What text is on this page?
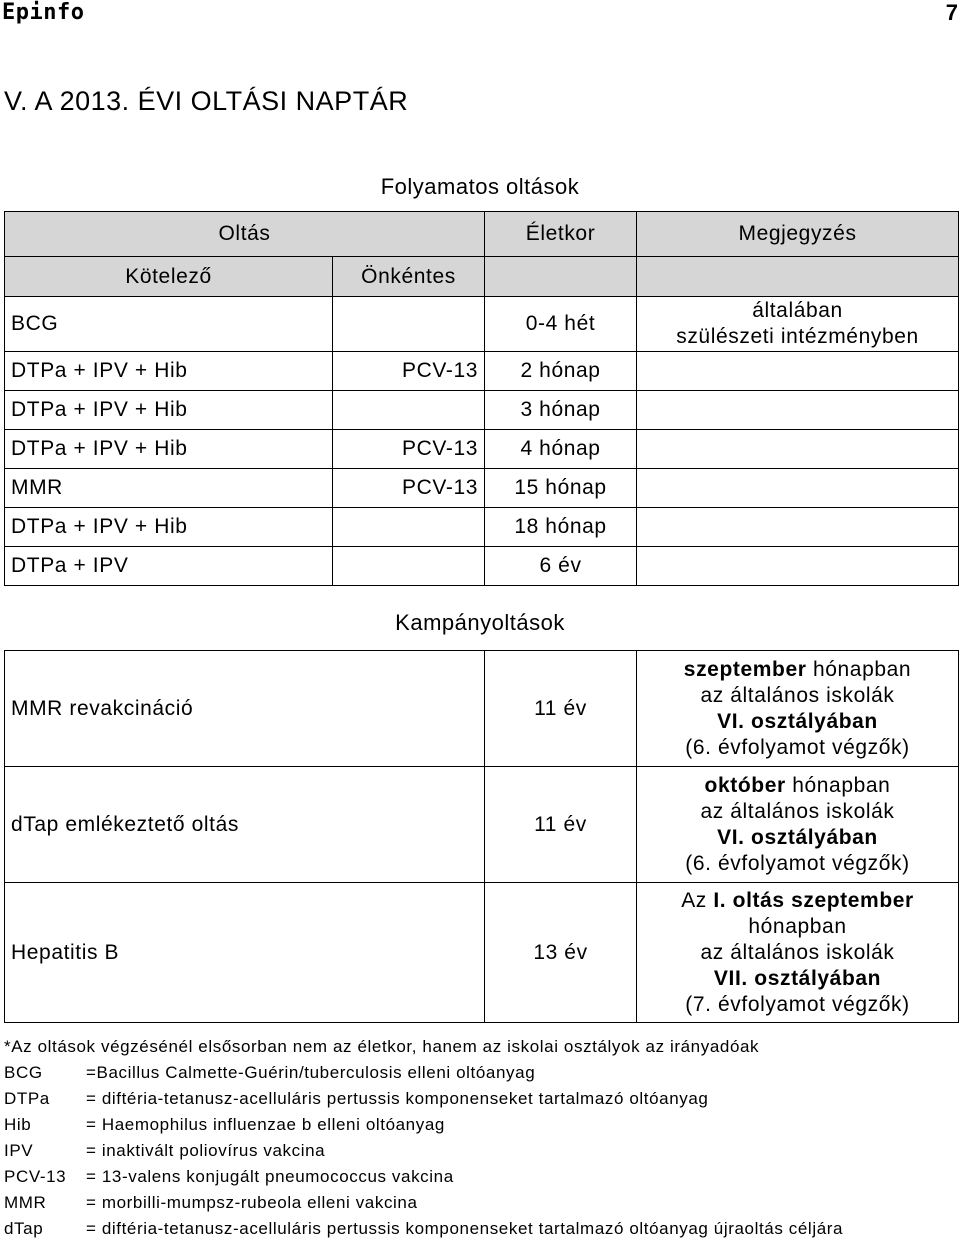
Epinfo	7
V. A 2013. ÉVI OLTÁSI NAPTÁR
Folyamatos oltások
Oltás		Életkor	Megjegyzés
Kötelező	Önkéntes		
BCG		0-4 hét	általában
szülészeti intézményben

DTPa + IPV + Hib	PCV-13	2 hónap	
DTPa + IPV + Hib		3 hónap	
DTPa + IPV + Hib	PCV-13	4 hónap	
MMR	PCV-13	15 hónap	
DTPa + IPV + Hib		18 hónap	
DTPa + IPV		6 év	
Kampányoltások
MMR revakcináció	11 év	szeptember hónapban
az általános iskolák
VI. osztályában
(6. évfolyamot végzők)

dTap emlékeztető oltás	11 év	október hónapban
az általános iskolák
VI. osztályában
(6. évfolyamot végzők)

Hepatitis B	13 év	Az I. oltás szeptember
hónapban
az általános iskolák
VII. osztályában
(7. évfolyamot végzők)
*Az oltások végzésénél elsősorban nem az életkor, hanem az iskolai osztályok az irányadóak
BCG	=Bacillus Calmette-Guérin/tuberculosis elleni oltóanyag
DTPa	= diftéria-tetanusz-acelluláris pertussis komponenseket tartalmazó oltóanyag
Hib	= Haemophilus influenzae b elleni oltóanyag
IPV	= inaktivált poliovírus vakcina
PCV-13	= 13-valens konjugált pneumococcus vakcina
MMR	= morbilli-mumpsz-rubeola elleni vakcina
dTap	= diftéria-tetanusz-acelluláris pertussis komponenseket tartalmazó oltóanyag újraoltás céljára
